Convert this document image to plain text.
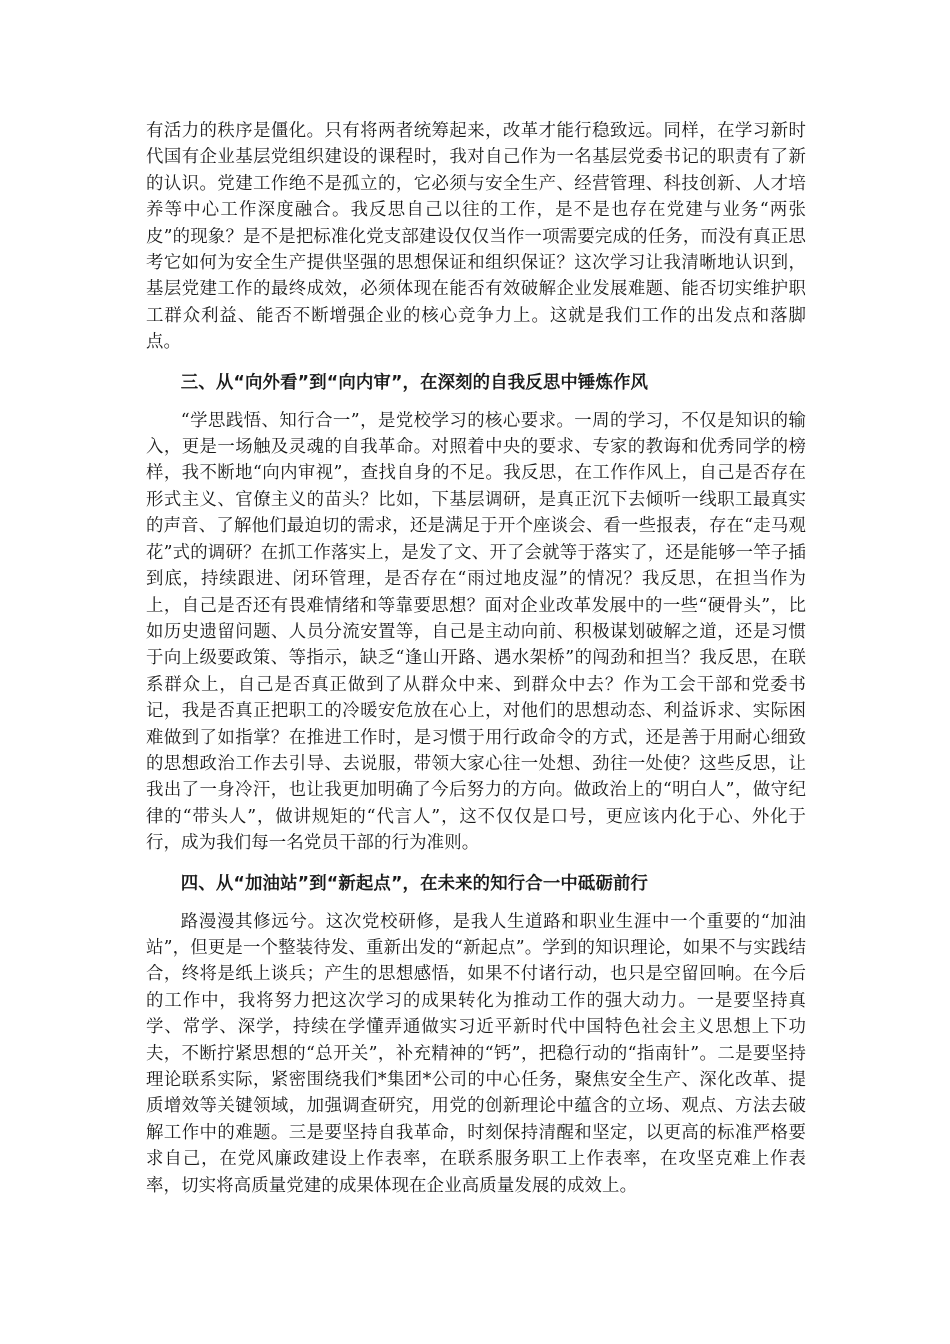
有活力的秩序是僵化。只有将两者统筹起来，改革才能行稳致远。同样，在学习新时代国有企业基层党组织建设的课程时，我对自己作为一名基层党委书记的职责有了新的认识。党建工作绝不是孤立的，它必须与安全生产、经营管理、科技创新、人才培养等中心工作深度融合。我反思自己以往的工作，是不是也存在党建与业务“两张皮”的现象？是不是把标准化党支部建设仅仅当作一项需要完成的任务，而没有真正思考它如何为安全生产提供坚强的思想保证和组织保证？这次学习让我清晰地认识到，基层党建工作的最终成效，必须体现在能否有效破解企业发展难题、能否切实维护职工群众利益、能否不断增强企业的核心竞争力上。这就是我们工作的出发点和落脚点。

三、从“向外看”到“向内审”，在深刻的自我反思中锤炼作风

“学思践悟、知行合一”，是党校学习的核心要求。一周的学习，不仅是知识的输入，更是一场触及灵魂的自我革命。对照着中央的要求、专家的教诲和优秀同学的榜样，我不断地“向内审视”，查找自身的不足。我反思，在工作作风上，自己是否存在形式主义、官僚主义的苗头？比如，下基层调研，是真正沉下去倾听一线职工最真实的声音、了解他们最迫切的需求，还是满足于开个座谈会、看一些报表，存在“走马观花”式的调研？在抓工作落实上，是发了文、开了会就等于落实了，还是能够一竿子插到底，持续跟进、闭环管理，是否存在“雨过地皮湿”的情况？我反思，在担当作为上，自己是否还有畏难情绪和等靠要思想？面对企业改革发展中的一些“硬骨头”，比如历史遗留问题、人员分流安置等，自己是主动向前、积极谋划破解之道，还是习惯于向上级要政策、等指示，缺乏“逢山开路、遇水架桥”的闯劲和担当？我反思，在联系群众上，自己是否真正做到了从群众中来、到群众中去？作为工会干部和党委书记，我是否真正把职工的冷暖安危放在心上，对他们的思想动态、利益诉求、实际困难做到了如指掌？在推进工作时，是习惯于用行政命令的方式，还是善于用耐心细致的思想政治工作去引导、去说服，带领大家心往一处想、劲往一处使？这些反思，让我出了一身冷汗，也让我更加明确了今后努力的方向。做政治上的“明白人”，做守纪律的“带头人”，做讲规矩的“代言人”，这不仅仅是口号，更应该内化于心、外化于行，成为我们每一名党员干部的行为准则。

四、从“加油站”到“新起点”，在未来的知行合一中砥砺前行

路漫漫其修远兮。这次党校研修，是我人生道路和职业生涯中一个重要的“加油站”，但更是一个整装待发、重新出发的“新起点”。学到的知识理论，如果不与实践结合，终将是纸上谈兵；产生的思想感悟，如果不付诸行动，也只是空留回响。在今后的工作中，我将努力把这次学习的成果转化为推动工作的强大动力。一是要坚持真学、常学、深学，持续在学懂弄通做实习近平新时代中国特色社会主义思想上下功夫，不断拧紧思想的“总开关”，补充精神的“钙”，把稳行动的“指南针”。二是要坚持理论联系实际，紧密围绕我们*集团*公司的中心任务，聚焦安全生产、深化改革、提质增效等关键领域，加强调查研究，用党的创新理论中蕴含的立场、观点、方法去破解工作中的难题。三是要坚持自我革命，时刻保持清醒和坚定，以更高的标准严格要求自己，在党风廉政建设上作表率，在联系服务职工上作表率，在攻坚克难上作表率，切实将高质量党建的成果体现在企业高质量发展的成效上。
